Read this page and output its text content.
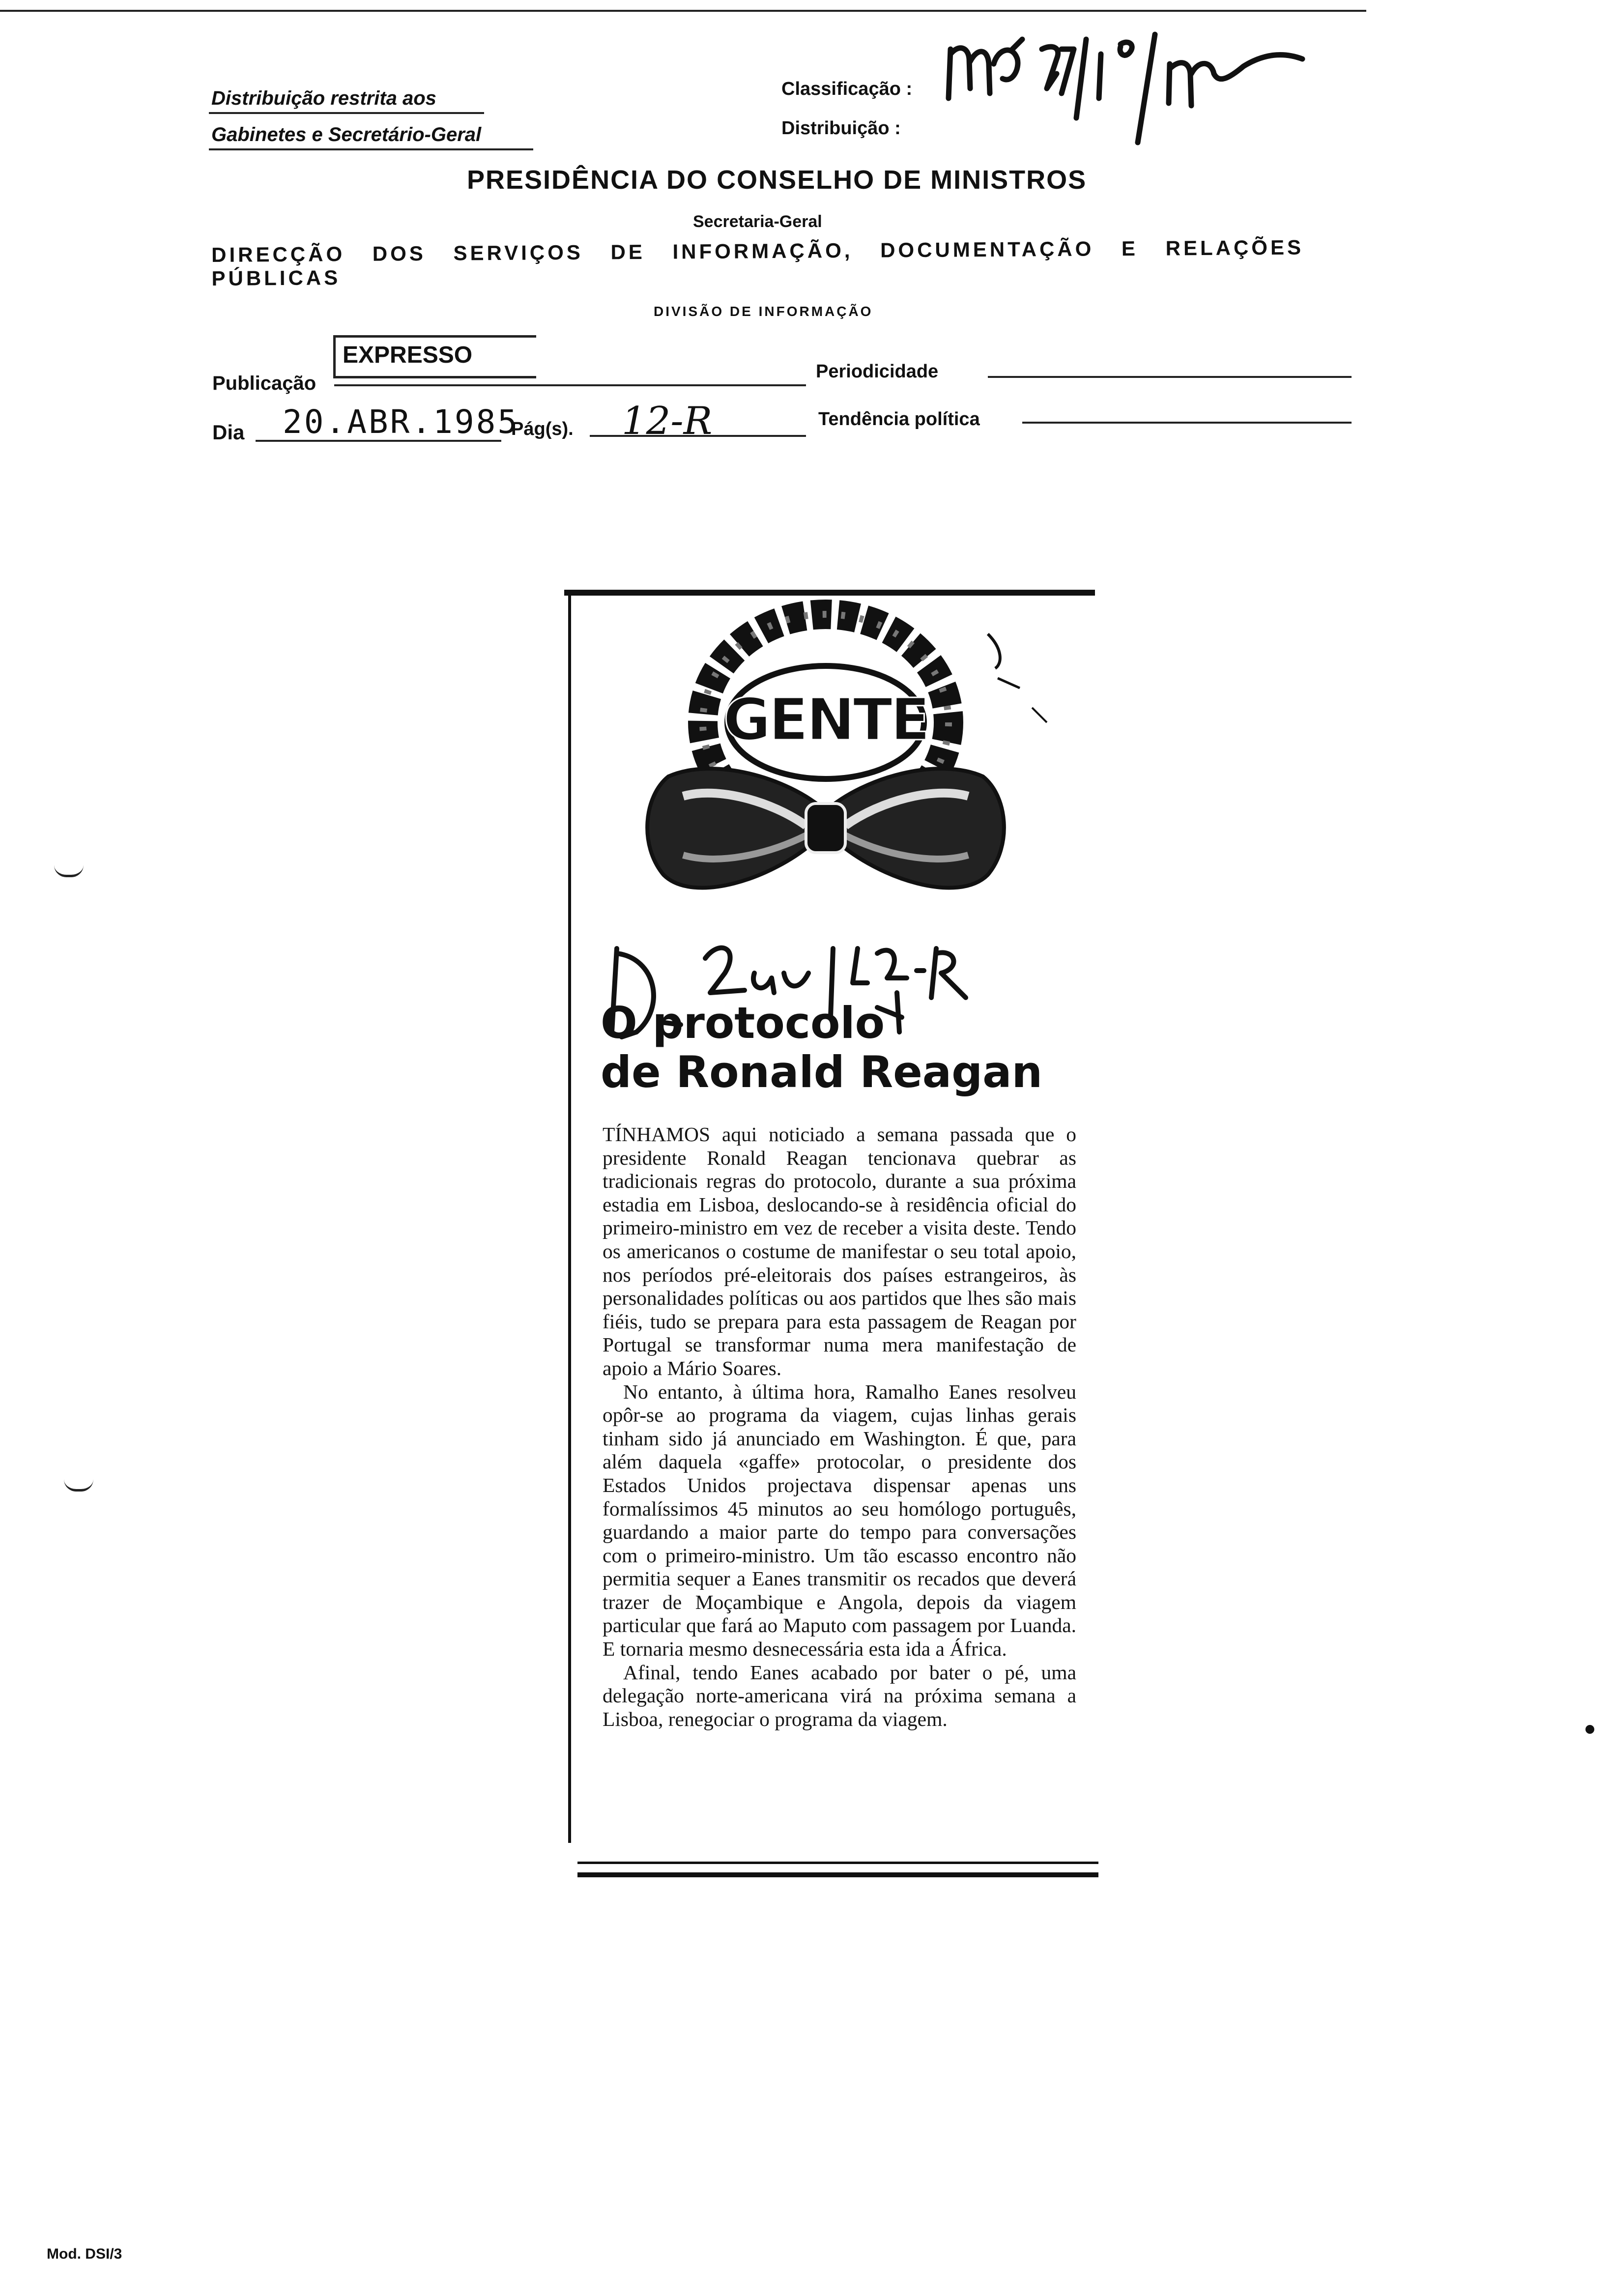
Distribuição restrita aos
Gabinetes e Secretário-Geral
Classificação :
Distribuição :
PRESIDÊNCIA DO CONSELHO DE MINISTROS
Secretaria-Geral
DIRECÇÃO DOS SERVIÇOS DE INFORMAÇÃO, DOCUMENTAÇÃO E RELAÇÕES PÚBLICAS
DIVISÃO DE INFORMAÇÃO
Publicação
EXPRESSO
Periodicidade
Dia 20.ABR.1985
Pág(s). 12-R	Tendência política
GENTE
O protocolo
de Ronald Reagan

TÍNHAMOS aqui noticiado a semana passada que o presidente Ronald Reagan tencionava quebrar as tradicionais regras do protocolo, durante a sua próxima estadia em Lisboa, deslocando-se à residência oficial do primeiro-ministro em vez de receber a visita deste. Tendo os americanos o costume de manifestar o seu total apoio, nos períodos pré-eleitorais dos países estrangeiros, às personalidades políticas ou aos partidos que lhes são mais fiéis, tudo se prepara para esta passagem de Reagan por Portugal se transformar numa mera manifestação de apoio a Mário Soares.

No entanto, à última hora, Ramalho Eanes resolveu opôr-se ao programa da viagem, cujas linhas gerais tinham sido já anunciado em Washington. É que, para além daquela «gaffe» protocolar, o presidente dos Estados Unidos projectava dispensar apenas uns formalíssimos 45 minutos ao seu homólogo português, guardando a maior parte do tempo para conversações com o primeiro-ministro. Um tão escasso encontro não permitia sequer a Eanes transmitir os recados que deverá trazer de Moçambique e Angola, depois da viagem particular que fará ao Maputo com passagem por Luanda. E tornaria mesmo desnecessária esta ida a África.

Afinal, tendo Eanes acabado por bater o pé, uma delegação norte-americana virá na próxima semana a Lisboa, renegociar o programa da viagem.

Mod. DSI/3
